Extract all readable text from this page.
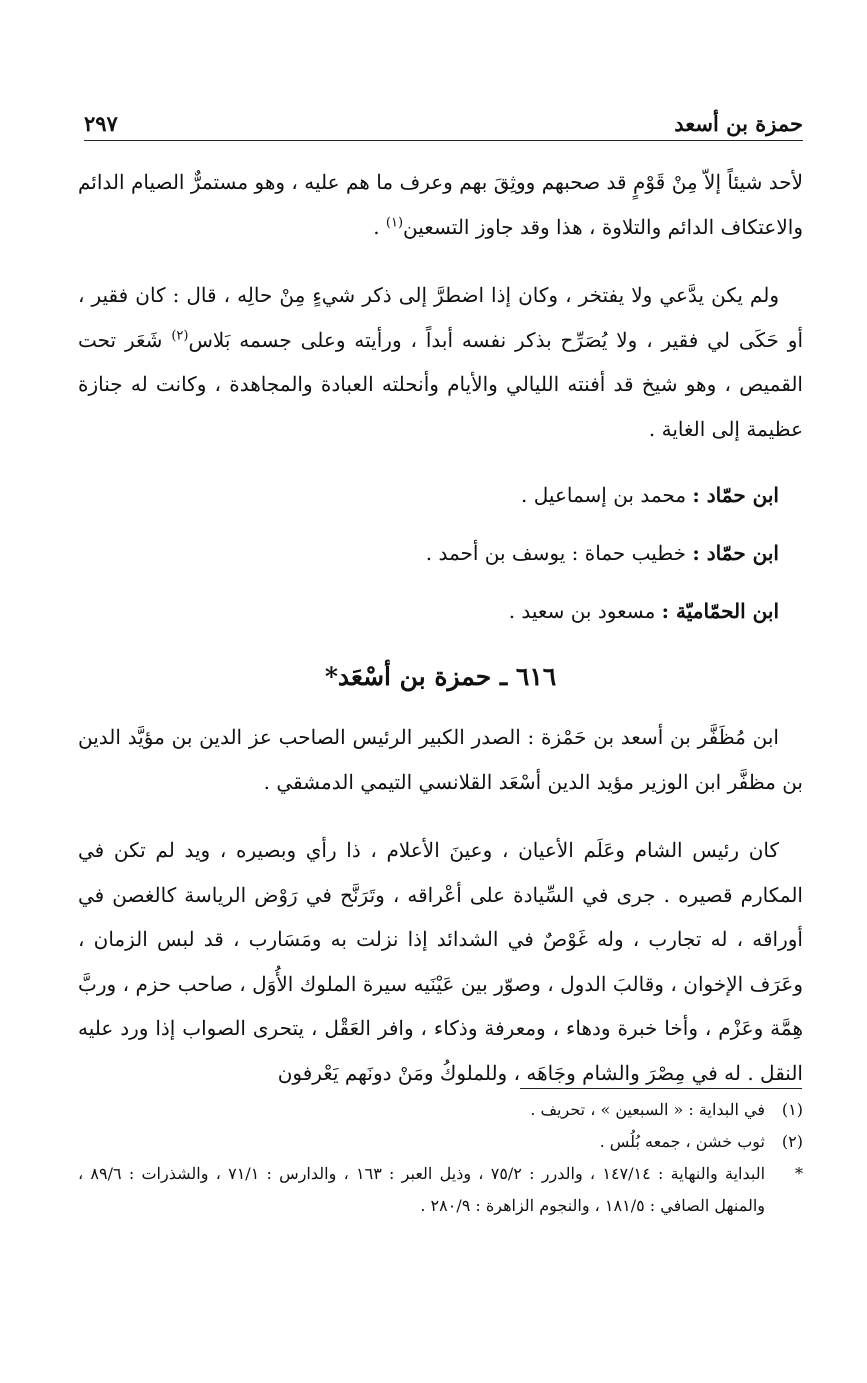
٢٩٧	حمزة بن أسعد

لأحد شيئاً إلاّ مِنْ قَوْمٍ قد صحبهم ووثِقَ بهم وعرف ما هم عليه ، وهو مستمرٌّ الصيام الدائم والاعتكاف الدائم والتلاوة ، هذا وقد جاوز التسعين$^{(١)}$ .

ولم يكن يدَّعي ولا يفتخر ، وكان إذا اضطرَّ إلى ذكر شيءٍ مِنْ حالِه ، قال : كان فقير ، أو حَكَى لي فقير ، ولا يُصَرِّح بذكر نفسه أبداً ، ورأيته وعلى جسمه بَلاس$^{(٢)}$ شَعَر تحت القميص ، وهو شيخ قد أفنته الليالي والأيام وأنحلته العبادة والمجاهدة ، وكانت له جنازة عظيمة إلى الغاية .

ابن حمّاد : محمد بن إسماعيل .

ابن حمّاد : خطيب حماة : يوسف بن أحمد .

ابن الحمّاميّة : مسعود بن سعيد .

٦١٦ ـ حمزة بن أسْعَد*

ابن مُظَفَّر بن أسعد بن حَمْزة : الصدر الكبير الرئيس الصاحب عز الدين بن مؤيَّد الدين بن مظفَّر ابن الوزير مؤيد الدين أسْعَد القلانسي التيمي الدمشقي .

كان رئيس الشام وعَلَم الأعيان ، وعينَ الأعلام ، ذا رأي وبصيره ، ويد لم تكن في المكارم قصيره . جرى في السِّيادة على أعْراقه ، وتَرَنَّح في رَوْض الرياسة كالغصن في أوراقه ، له تجارب ، وله غَوْصٌ في الشدائد إذا نزلت به ومَسَارب ، قد لبس الزمان ، وعَرَف الإخوان ، وقالبَ الدول ، وصوّر بين عَيْنَيه سيرة الملوك الأُوَل ، صاحب حزم ، وربَّ هِمَّة وعَزْم ، وأخا خبرة ودهاء ، ومعرفة وذكاء ، وافر العَقْل ، يتحرى الصواب إذا ورد عليه النقل . له في مِصْرَ والشام وجَاهَه ، وللملوكُ ومَنْ دونَهم يَعْرفون

(١)
في البداية : « السبعين » ، تحريف .
(٢)
ثوب خشن ، جمعه بُلُس .
*
البداية والنهاية : ١٤٧/١٤ ، والدرر : ٧٥/٢ ، وذيل العبر : ١٦٣ ، والدارس : ٧١/١ ، والشذرات : ٨٩/٦ ، والمنهل الصافي : ١٨١/٥ ، والنجوم الزاهرة : ٢٨٠/٩ .
